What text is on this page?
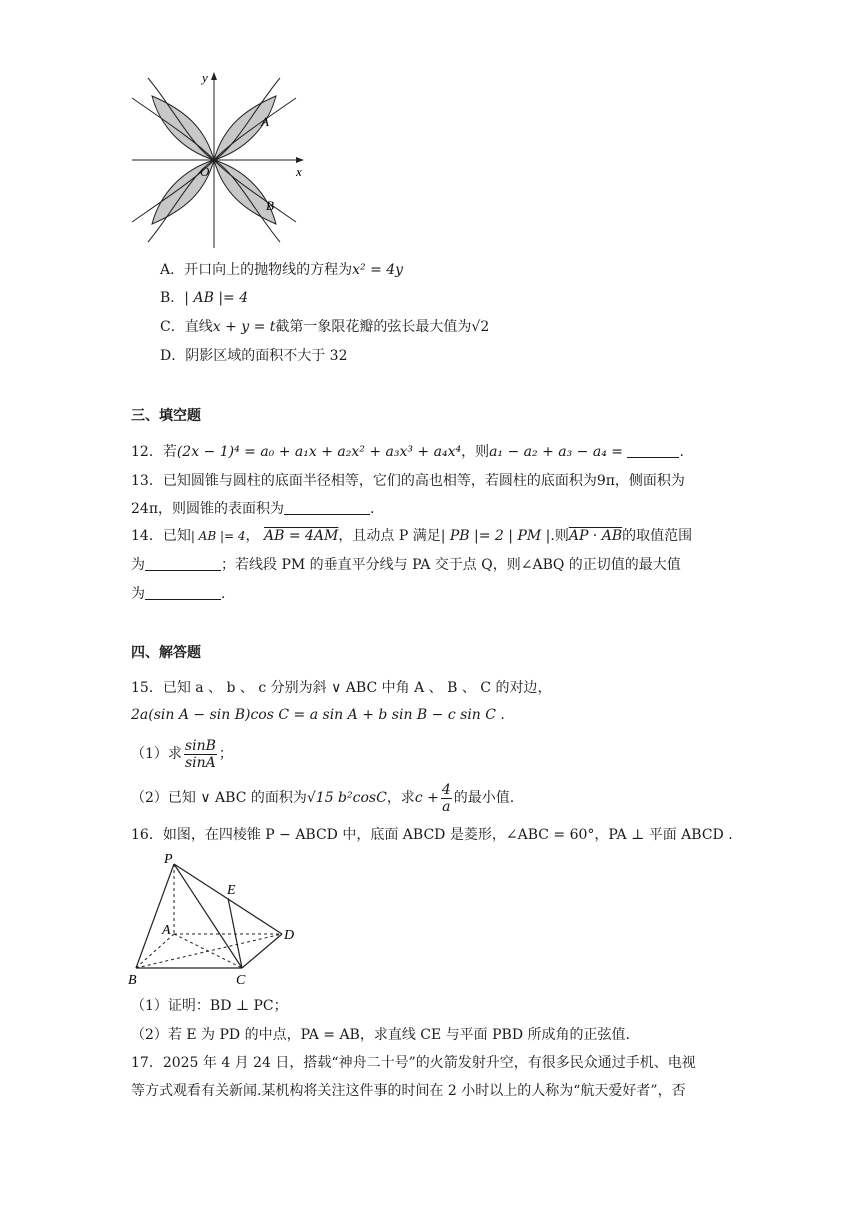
y
x
O
A
B
A．开口向上的抛物线的方程为x² = 4y
B．| AB |= 4
C．直线x + y = t截第一象限花瓣的弦长最大值为√2
D．阴影区域的面积不大于 32
三、填空题
12．若(2x − 1)⁴ = a₀ + a₁x + a₂x² + a₃x³ + a₄x⁴，则a₁ − a₂ + a₃ − a₄ =	.
13．已知圆锥与圆柱的底面半径相等，它们的高也相等，若圆柱的底面积为9π，侧面积为
24π，则圆锥的表面积为	.
14．已知| AB |= 4， AB = 4AM，且动点 P 满足| PB |= 2 | PM |.则AP · AB的取值范围
为	；若线段 PM 的垂直平分线与 PA 交于点 Q，则∠ABQ 的正切值的最大值
为	.
四、解答题
15．已知 a 、 b 、 c 分别为斜 ∨ ABC 中角 A 、 B 、 C 的对边，
2a(sin A − sin B)cos C = a sin A + b sin B − c sin C .
（1）求 $\frac{\sin B}{\sin A}$ ；
（2）已知 ∨ ABC 的面积为√15 b²cosC，求$c + \frac{4}{a}$ 的最小值.
16．如图，在四棱锥 P − ABCD 中，底面 ABCD 是菱形，∠ABC = 60°，PA ⊥ 平面 ABCD .
P
E
A	D
B	C
（1）证明：BD ⊥ PC；
（2）若 E 为 PD 的中点，PA = AB，求直线 CE 与平面 PBD 所成角的正弦值.
17．2025 年 4 月 24 日，搭载“神舟二十号”的火箭发射升空，有很多民众通过手机、电视
等方式观看有关新闻.某机构将关注这件事的时间在 2 小时以上的人称为“航天爱好者”，否
